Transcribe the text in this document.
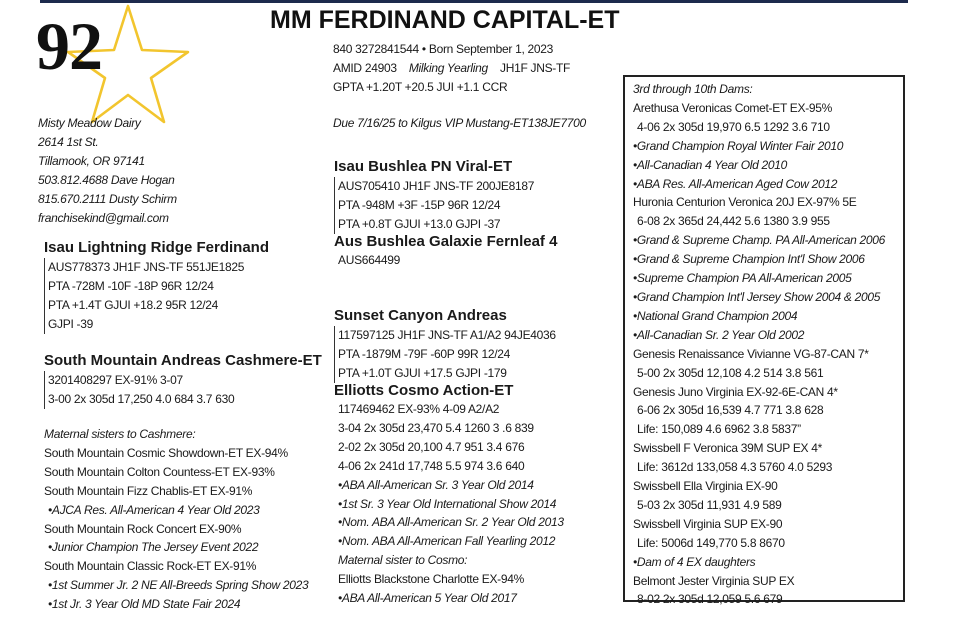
92	MM FERDINAND CAPITAL-ET
840 3272841544 • Born September 1, 2023
AMID 24903 Milking Yearling JH1F JNS-TF
GPTA +1.20T +20.5 JUI +1.1 CCR
Due 7/16/25 to Kilgus VIP Mustang-ET138JE7700
Misty Meadow Dairy
2614 1st St.
Tillamook, OR 97141
503.812.4688 Dave Hogan
815.670.2111 Dusty Schirm
franchisekind@gmail.com
Isau Lightning Ridge Ferdinand
AUS778373 JH1F JNS-TF 551JE1825
PTA -728M -10F -18P 96R 12/24
PTA +1.4T GJUI +18.2 95R 12/24
GJPI -39
South Mountain Andreas Cashmere-ET
3201408297 EX-91% 3-07
3-00 2x 305d 17,250 4.0 684 3.7 630
Maternal sisters to Cashmere:
South Mountain Cosmic Showdown-ET EX-94%
South Mountain Colton Countess-ET EX-93%
South Mountain Fizz Chablis-ET EX-91%
•AJCA Res. All-American 4 Year Old 2023
South Mountain Rock Concert EX-90%
•Junior Champion The Jersey Event 2022
South Mountain Classic Rock-ET EX-91%
•1st Summer Jr. 2 NE All-Breeds Spring Show 2023
•1st Jr. 3 Year Old MD State Fair 2024
Isau Bushlea PN Viral-ET
AUS705410 JH1F JNS-TF 200JE8187
PTA -948M +3F -15P 96R 12/24
PTA +0.8T GJUI +13.0 GJPI -37
Aus Bushlea Galaxie Fernleaf 4
AUS664499
Sunset Canyon Andreas
117597125 JH1F JNS-TF A1/A2 94JE4036
PTA -1879M -79F -60P 99R 12/24
PTA +1.0T GJUI +17.5 GJPI -179
Elliotts Cosmo Action-ET
117469462 EX-93% 4-09 A2/A2
3-04 2x 305d 23,470 5.4 1260 3 .6 839
2-02 2x 305d 20,100 4.7 951 3.4 676
4-06 2x 241d 17,748 5.5 974 3.6 640
•ABA All-American Sr. 3 Year Old 2014
•1st Sr. 3 Year Old International Show 2014
•Nom. ABA All-American Sr. 2 Year Old 2013
•Nom. ABA All-American Fall Yearling 2012
Maternal sister to Cosmo:
Elliotts Blackstone Charlotte EX-94%
•ABA All-American 5 Year Old 2017
3rd through 10th Dams:
Arethusa Veronicas Comet-ET EX-95%
4-06 2x 305d 19,970 6.5 1292 3.6 710
•Grand Champion Royal Winter Fair 2010
•All-Canadian 4 Year Old 2010
•ABA Res. All-American Aged Cow 2012
Huronia Centurion Veronica 20J EX-97% 5E
6-08 2x 365d 24,442 5.6 1380 3.9 955
•Grand & Supreme Champ. PA All-American 2006
•Grand & Supreme Champion Int'l Show 2006
•Supreme Champion PA All-American 2005
•Grand Champion Int'l Jersey Show 2004 & 2005
•National Grand Champion 2004
•All-Canadian Sr. 2 Year Old 2002
Genesis Renaissance Vivianne VG-87-CAN 7*
5-00 2x 305d 12,108 4.2 514 3.8 561
Genesis Juno Virginia EX-92-6E-CAN 4*
6-06 2x 305d 16,539 4.7 771 3.8 628
Life: 150,089 4.6 6962 3.8 5837”
Swissbell F Veronica 39M SUP EX 4*
Life: 3612d 133,058 4.3 5760 4.0 5293
Swissbell Ella Virginia EX-90
5-03 2x 305d 11,931 4.9 589
Swissbell Virginia SUP EX-90
Life: 5006d 149,770 5.8 8670
•Dam of 4 EX daughters
Belmont Jester Virginia SUP EX
8-02 2x 305d 12,059 5.6 679
